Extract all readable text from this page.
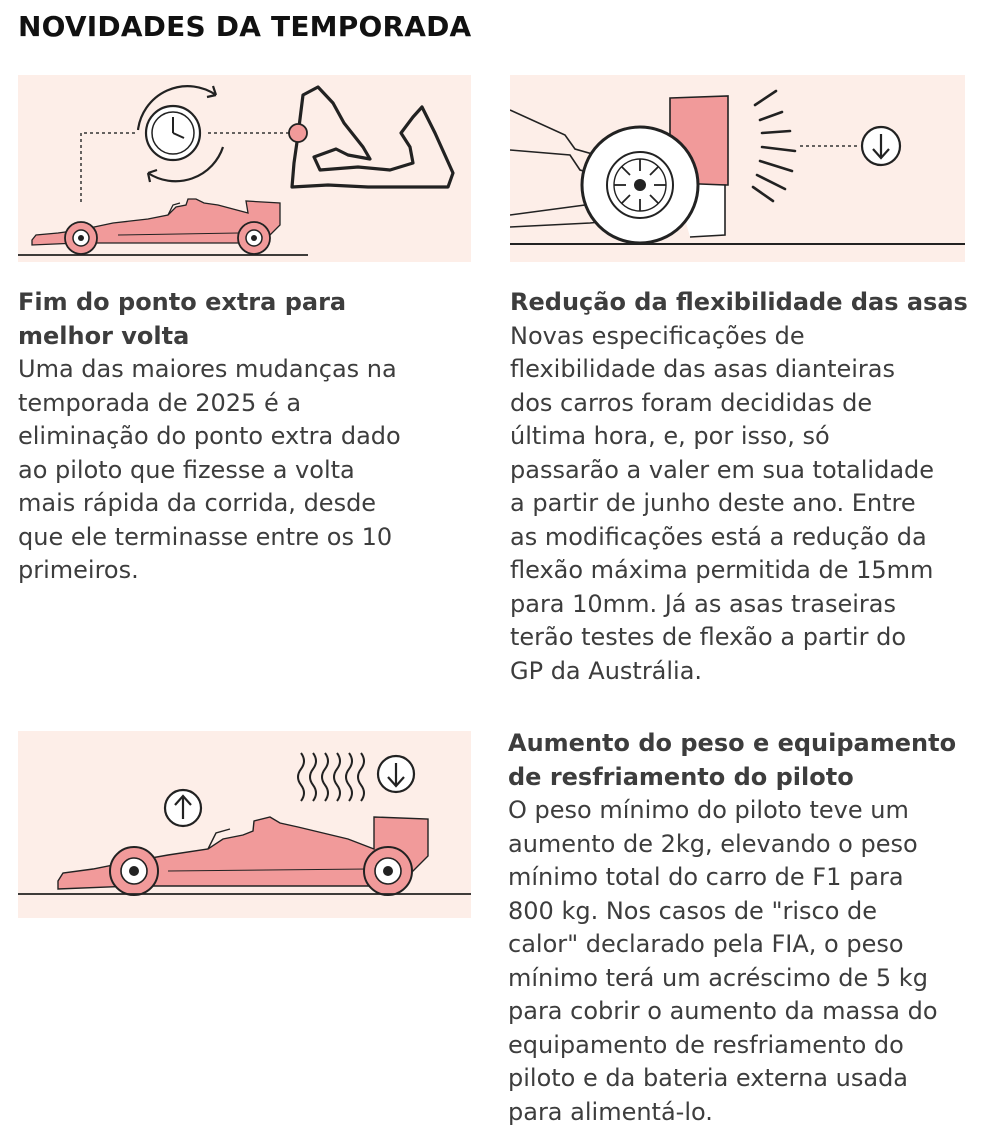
NOVIDADES DA TEMPORADA
Fim do ponto extra para
melhor volta
Uma das maiores mudanças na
temporada de 2025 é a
eliminação do ponto extra dado
ao piloto que fizesse a volta
mais rápida da corrida, desde
que ele terminasse entre os 10
primeiros.
Redução da flexibilidade das asas
Novas especificações de
flexibilidade das asas dianteiras
dos carros foram decididas de
última hora, e, por isso, só
passarão a valer em sua totalidade
a partir de junho deste ano. Entre
as modificações está a redução da
flexão máxima permitida de 15mm
para 10mm. Já as asas traseiras
terão testes de flexão a partir do
GP da Austrália.
Aumento do peso e equipamento
de resfriamento do piloto
O peso mínimo do piloto teve um
aumento de 2kg, elevando o peso
mínimo total do carro de F1 para
800 kg. Nos casos de "risco de
calor" declarado pela FIA, o peso
mínimo terá um acréscimo de 5 kg
para cobrir o aumento da massa do
equipamento de resfriamento do
piloto e da bateria externa usada
para alimentá-lo.
